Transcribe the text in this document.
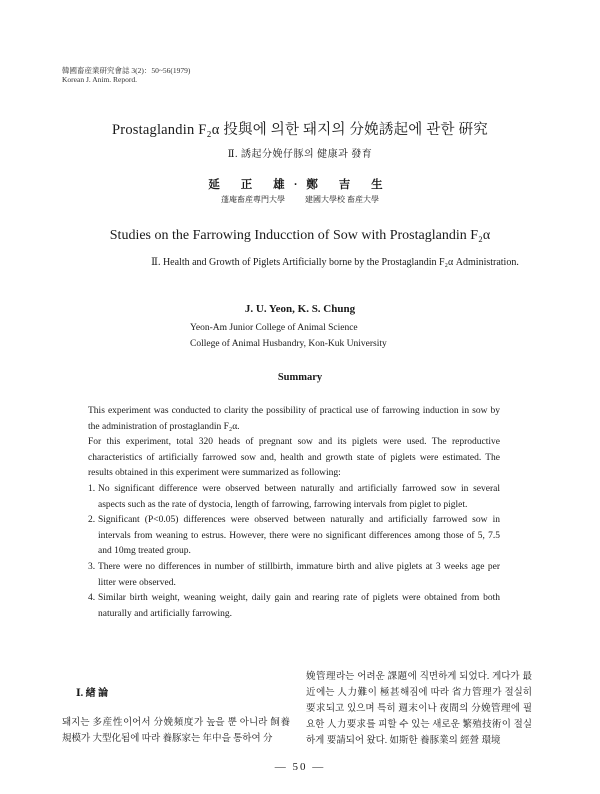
韓國畜産業研究會誌 3(2)：50~56(1979)
Korean J. Anim. Repord.
Prostaglandin F₂α 投與에 의한 돼지의 分娩誘起에 관한 硏究
Ⅱ. 誘起分娩仔豚의 健康과 發育
延 正 雄·鄭 吉 生
蓬庵畜産專門大學	建國大學校 畜産大學
Studies on the Farrowing Inducction of Sow with Prostaglandin F₂α
Ⅱ. Health and Growth of Piglets Artificially borne by the Prostaglandin F₂α Administration.
J. U. Yeon, K. S. Chung
Yeon-Am Junior College of Animal Science
College of Animal Husbandry, Kon-Kuk University
Summary

This experiment was conducted to clarity the possibility of practical use of farrowing induction in sow by the administration of prostaglandin F₂α.

For this experiment, total 320 heads of pregnant sow and its piglets were used. The reproductive characteristics of artificially farrowed sow and, health and growth state of piglets were estimated. The results obtained in this experiment were summarized as following:

1. No significant difference were observed between naturally and artificially farrowed sow in several aspects such as the rate of dystocia, length of farrowing, farrowing intervals from piglet to piglet.
2. Significant (P<0.05) differences were observed between naturally and artificially farrowed sow in intervals from weaning to estrus. However, there were no significant differences among those of 5, 7.5 and 10mg treated group.
3. There were no differences in number of stillbirth, immature birth and alive piglets at 3 weeks age per litter were observed.
4. Similar birth weight, weaning weight, daily gain and rearing rate of piglets were obtained from both naturally and artificially farrowing.
Ⅰ. 緖 論

돼지는 多産性이어서 分娩頻度가 높을 뿐 아니라 飼養規模가 大型化됨에 따라 養豚家는 年中을 통하여 分

娩管理라는 어려운 課題에 직면하게 되었다. 게다가 最近에는 人力難이 極甚해짐에 따라 省力管理가 절실히 要求되고 있으며 특히 週末이나 夜間의 分娩管理에 필요한 人力要求를 피할 수 있는 새로운 繁殖技術이 절실하게 要請되어 왔다. 如斯한 養豚業의 經營 環境

— 50 —
